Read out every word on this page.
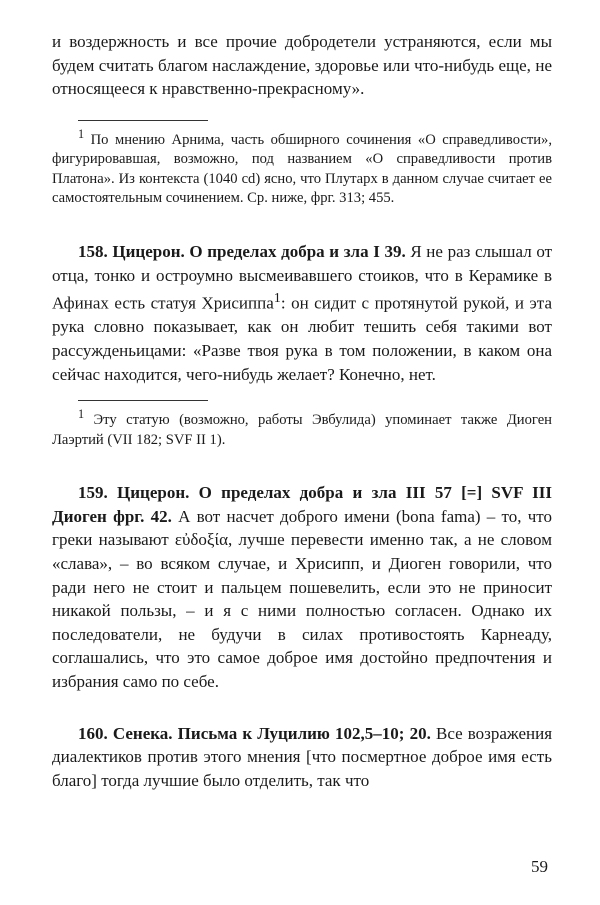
и воздержность и все прочие добродетели устраняются, если мы будем считать благом наслаждение, здоровье или что-нибудь еще, не относящееся к нравственно-прекрасному».

$^1$ По мнению Арнима, часть обширного сочинения «О справедливости», фигурировавшая, возможно, под названием «О справедливости против Платона». Из контекста (1040 cd) ясно, что Плутарх в данном случае считает ее самостоятельным сочинением. Ср. ниже, фрг. 313; 455.

158. Цицерон. О пределах добра и зла I 39. Я не раз слышал от отца, тонко и остроумно высмеивавшего стоиков, что в Керамике в Афинах есть статуя Хрисиппа$^1$: он сидит с протянутой рукой, и эта рука словно показывает, как он любит тешить себя такими вот рассужденьицами: «Разве твоя рука в том положении, в каком она сейчас находится, чего-нибудь желает? Конечно, нет.

$^1$ Эту статую (возможно, работы Эвбулида) упоминает также Диоген Лаэртий (VII 182; SVF II 1).

159. Цицерон. О пределах добра и зла III 57 [=] SVF III Диоген фрг. 42. А вот насчет доброго имени (bona fama) – то, что греки называют εὐδοξία, лучше перевести именно так, а не словом «слава», – во всяком случае, и Хрисипп, и Диоген говорили, что ради него не стоит и пальцем пошевелить, если это не приносит никакой пользы, – и я с ними полностью согласен. Однако их последователи, не будучи в силах противостоять Карнеаду, соглашались, что это самое доброе имя достойно предпочтения и избрания само по себе.

160. Сенека. Письма к Луцилию 102,5–10; 20. Все возражения диалектиков против этого мнения [что посмертное доброе имя есть благо] тогда лучшие было отделить, так что

59
